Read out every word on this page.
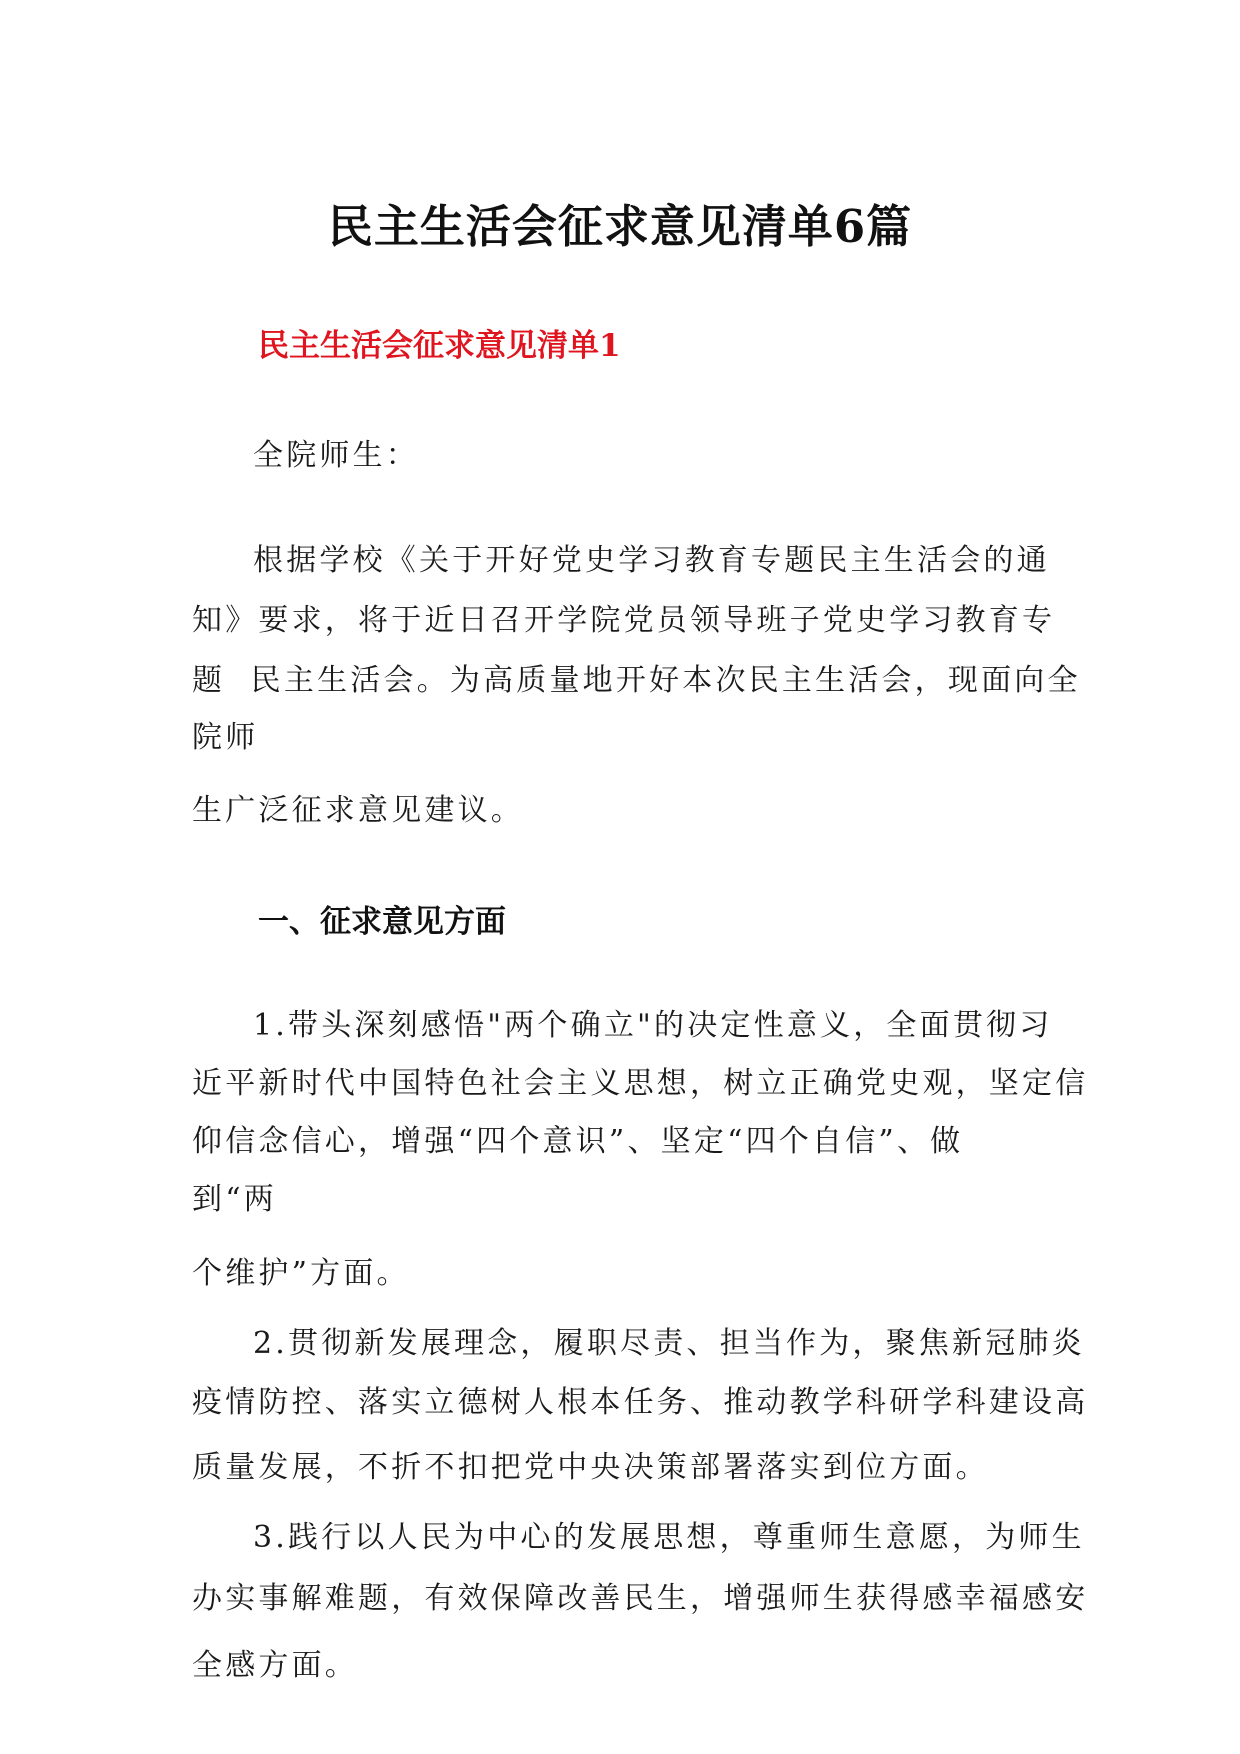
民主生活会征求意见清单6篇
民主生活会征求意见清单1

全院师生：

根据学校《关于开好党史学习教育专题民主生活会的通

知》要求，将于近日召开学院党员领导班子党史学习教育专

题  民主生活会。为高质量地开好本次民主生活会，现面向全

院师

生广泛征求意见建议。

一、征求意见方面

1.带头深刻感悟"两个确立"的决定性意义，全面贯彻习

近平新时代中国特色社会主义思想，树立正确党史观，坚定信

仰信念信心，增强“四个意识”、坚定“四个自信”、做

到“两

个维护”方面。

2.贯彻新发展理念，履职尽责、担当作为，聚焦新冠肺炎

疫情防控、落实立德树人根本任务、推动教学科研学科建设高

质量发展，不折不扣把党中央决策部署落实到位方面。

3.践行以人民为中心的发展思想，尊重师生意愿，为师生

办实事解难题，有效保障改善民生，增强师生获得感幸福感安

全感方面。
